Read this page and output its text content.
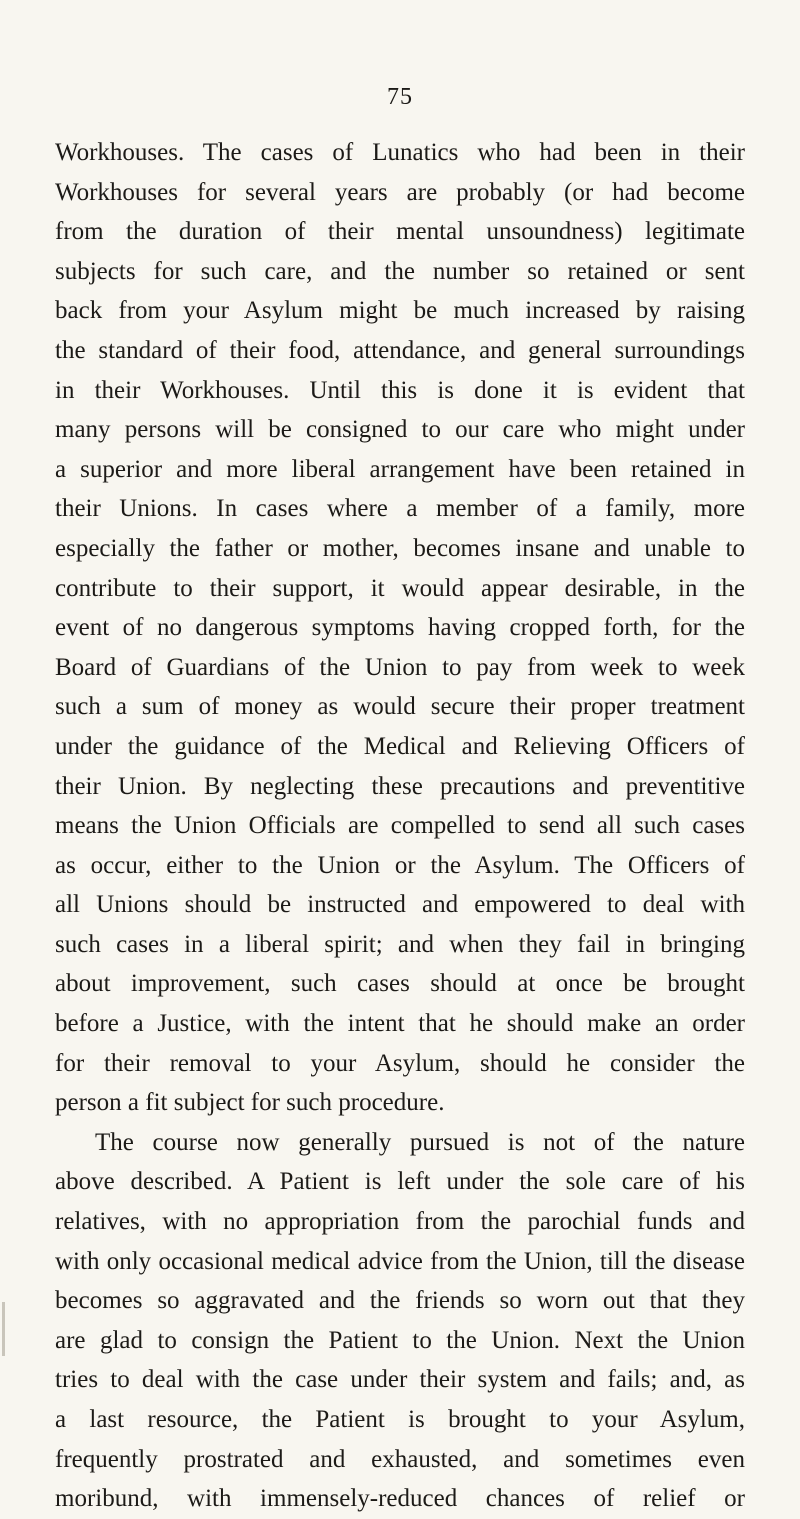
75
Workhouses. The cases of Lunatics who had been in their
Workhouses for several years are probably (or had become
from the duration of their mental unsoundness) legitimate
subjects for such care, and the number so retained or sent
back from your Asylum might be much increased by raising
the standard of their food, attendance, and general surroundings
in their Workhouses. Until this is done it is evident that
many persons will be consigned to our care who might under
a superior and more liberal arrangement have been retained in
their Unions. In cases where a member of a family, more
especially the father or mother, becomes insane and unable to
contribute to their support, it would appear desirable, in the
event of no dangerous symptoms having cropped forth, for the
Board of Guardians of the Union to pay from week to week
such a sum of money as would secure their proper treatment
under the guidance of the Medical and Relieving Officers of
their Union. By neglecting these precautions and preventitive
means the Union Officials are compelled to send all such cases
as occur, either to the Union or the Asylum. The Officers of
all Unions should be instructed and empowered to deal with
such cases in a liberal spirit; and when they fail in bringing
about improvement, such cases should at once be brought
before a Justice, with the intent that he should make an order
for their removal to your Asylum, should he consider the
person a fit subject for such procedure.
The course now generally pursued is not of the nature
above described. A Patient is left under the sole care of his
relatives, with no appropriation from the parochial funds and
with only occasional medical advice from the Union, till the disease
becomes so aggravated and the friends so worn out that they
are glad to consign the Patient to the Union. Next the Union
tries to deal with the case under their system and fails; and, as
a last resource, the Patient is brought to your Asylum,
frequently prostrated and exhausted, and sometimes even
moribund, with immensely-reduced chances of relief or
